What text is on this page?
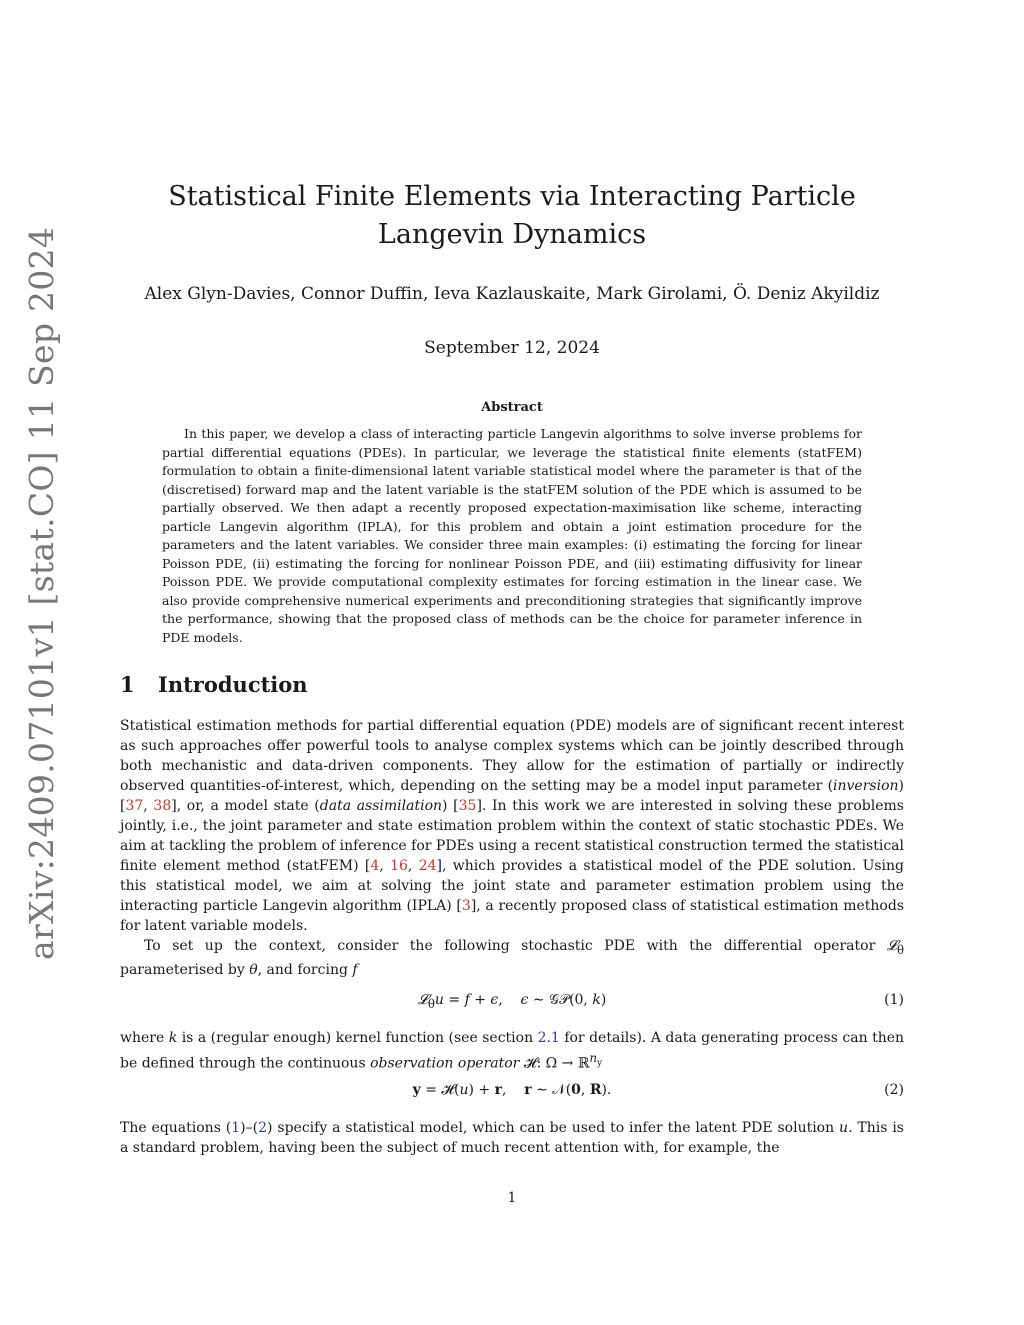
arXiv:2409.07101v1 [stat.CO] 11 Sep 2024
Statistical Finite Elements via Interacting Particle Langevin Dynamics

Alex Glyn-Davies, Connor Duffin, Ieva Kazlauskaite, Mark Girolami, Ö. Deniz Akyildiz

September 12, 2024

Abstract

In this paper, we develop a class of interacting particle Langevin algorithms to solve inverse problems for partial differential equations (PDEs). In particular, we leverage the statistical finite elements (statFEM) formulation to obtain a finite-dimensional latent variable statistical model where the parameter is that of the (discretised) forward map and the latent variable is the statFEM solution of the PDE which is assumed to be partially observed. We then adapt a recently proposed expectation-maximisation like scheme, interacting particle Langevin algorithm (IPLA), for this problem and obtain a joint estimation procedure for the parameters and the latent variables. We consider three main examples: (i) estimating the forcing for linear Poisson PDE, (ii) estimating the forcing for nonlinear Poisson PDE, and (iii) estimating diffusivity for linear Poisson PDE. We provide computational complexity estimates for forcing estimation in the linear case. We also provide comprehensive numerical experiments and preconditioning strategies that significantly improve the performance, showing that the proposed class of methods can be the choice for parameter inference in PDE models.

1 Introduction

Statistical estimation methods for partial differential equation (PDE) models are of significant recent interest as such approaches offer powerful tools to analyse complex systems which can be jointly described through both mechanistic and data-driven components. They allow for the estimation of partially or indirectly observed quantities-of-interest, which, depending on the setting may be a model input parameter (inversion) [37, 38], or, a model state (data assimilation) [35]. In this work we are interested in solving these problems jointly, i.e., the joint parameter and state estimation problem within the context of static stochastic PDEs. We aim at tackling the problem of inference for PDEs using a recent statistical construction termed the statistical finite element method (statFEM) [4, 16, 24], which provides a statistical model of the PDE solution. Using this statistical model, we aim at solving the joint state and parameter estimation problem using the interacting particle Langevin algorithm (IPLA) [3], a recently proposed class of statistical estimation methods for latent variable models.

To set up the context, consider the following stochastic PDE with the differential operator 𝓛$_\theta$ parameterised by θ, and forcing f

𝓛$_\theta$u = f + ϵ,    ϵ ∼ 𝒢𝒫(0, k)	(1)

where k is a (regular enough) kernel function (see section 2.1 for details). A data generating process can then be defined through the continuous observation operator 𝓗: Ω → ℝ$^{n_y}$

y = 𝓗(u) + r,    r ∼ 𝒩(0, R).	(2)

The equations (1)–(2) specify a statistical model, which can be used to infer the latent PDE solution u. This is a standard problem, having been the subject of much recent attention with, for example, the

1
